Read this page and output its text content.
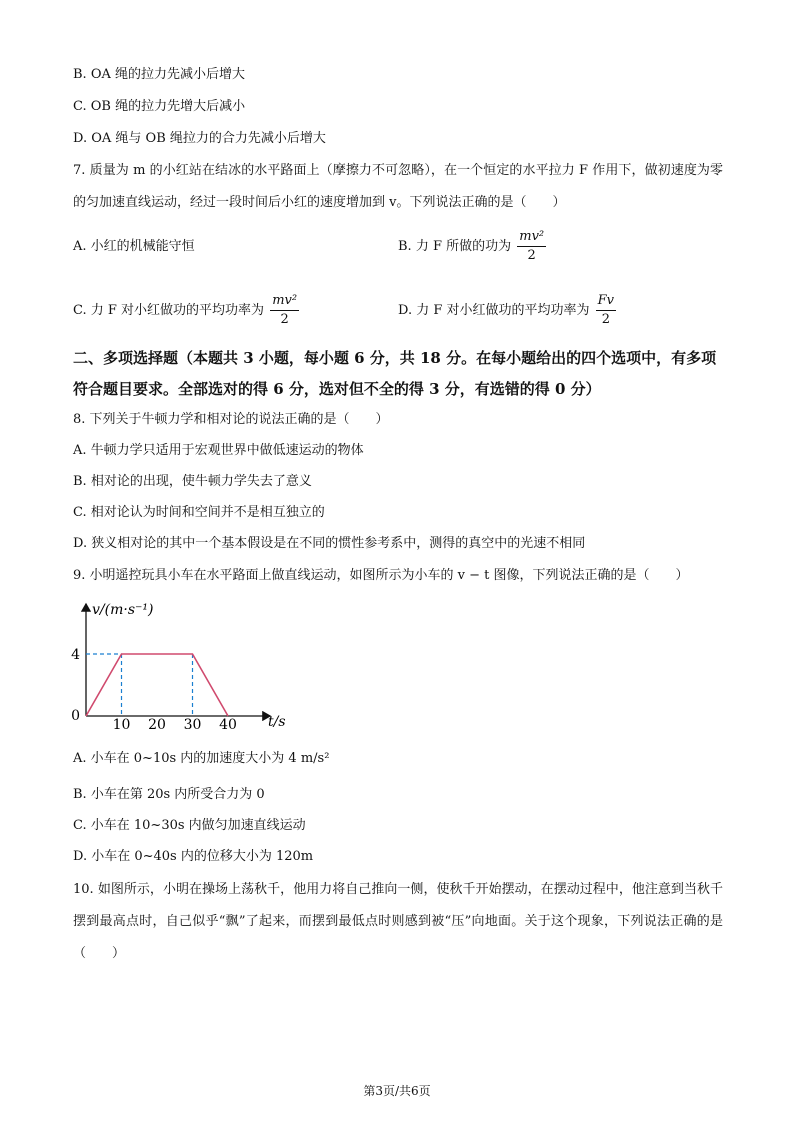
B. OA 绳的拉力先减小后增大
C. OB 绳的拉力先增大后减小
D. OA 绳与 OB 绳拉力的合力先减小后增大
7. 质量为 m 的小红站在结冰的水平路面上（摩擦力不可忽略），在一个恒定的水平拉力 F 作用下，做初速度为零的匀加速直线运动，经过一段时间后小红的速度增加到 v。下列说法正确的是（　　）
A. 小红的机械能守恒	B. 力 F 所做的功为 $\frac{\text{mv²}}{2}$
C. 力 F 对小红做功的平均功率为 $\frac{\text{mv²}}{2}$	D. 力 F 对小红做功的平均功率为 $\frac{Fv}{2}$
二、多项选择题（本题共 3 小题，每小题 6 分，共 18 分。在每小题给出的四个选项中，有多项符合题目要求。全部选对的得 6 分，选对但不全的得 3 分，有选错的得 0 分）
8. 下列关于牛顿力学和相对论的说法正确的是（　　）
A. 牛顿力学只适用于宏观世界中做低速运动的物体
B. 相对论的出现，使牛顿力学失去了意义
C. 相对论认为时间和空间并不是相互独立的
D. 狭义相对论的其中一个基本假设是在不同的惯性参考系中，测得的真空中的光速不相同
9. 小明遥控玩具小车在水平路面上做直线运动，如图所示为小车的 v − t 图像，下列说法正确的是（　　）
v/(m·s⁻¹)
t/s
0
10 20 30 40
4
A. 小车在 0~10s 内的加速度大小为 4 m/s²
B. 小车在第 20s 内所受合力为 0
C. 小车在 10~30s 内做匀加速直线运动
D. 小车在 0~40s 内的位移大小为 120m
10. 如图所示，小明在操场上荡秋千，他用力将自己推向一侧，使秋千开始摆动，在摆动过程中，他注意到当秋千摆到最高点时，自己似乎“飘”了起来，而摆到最低点时则感到被“压”向地面。关于这个现象，下列说法正确的是（　　）
第3页/共6页
